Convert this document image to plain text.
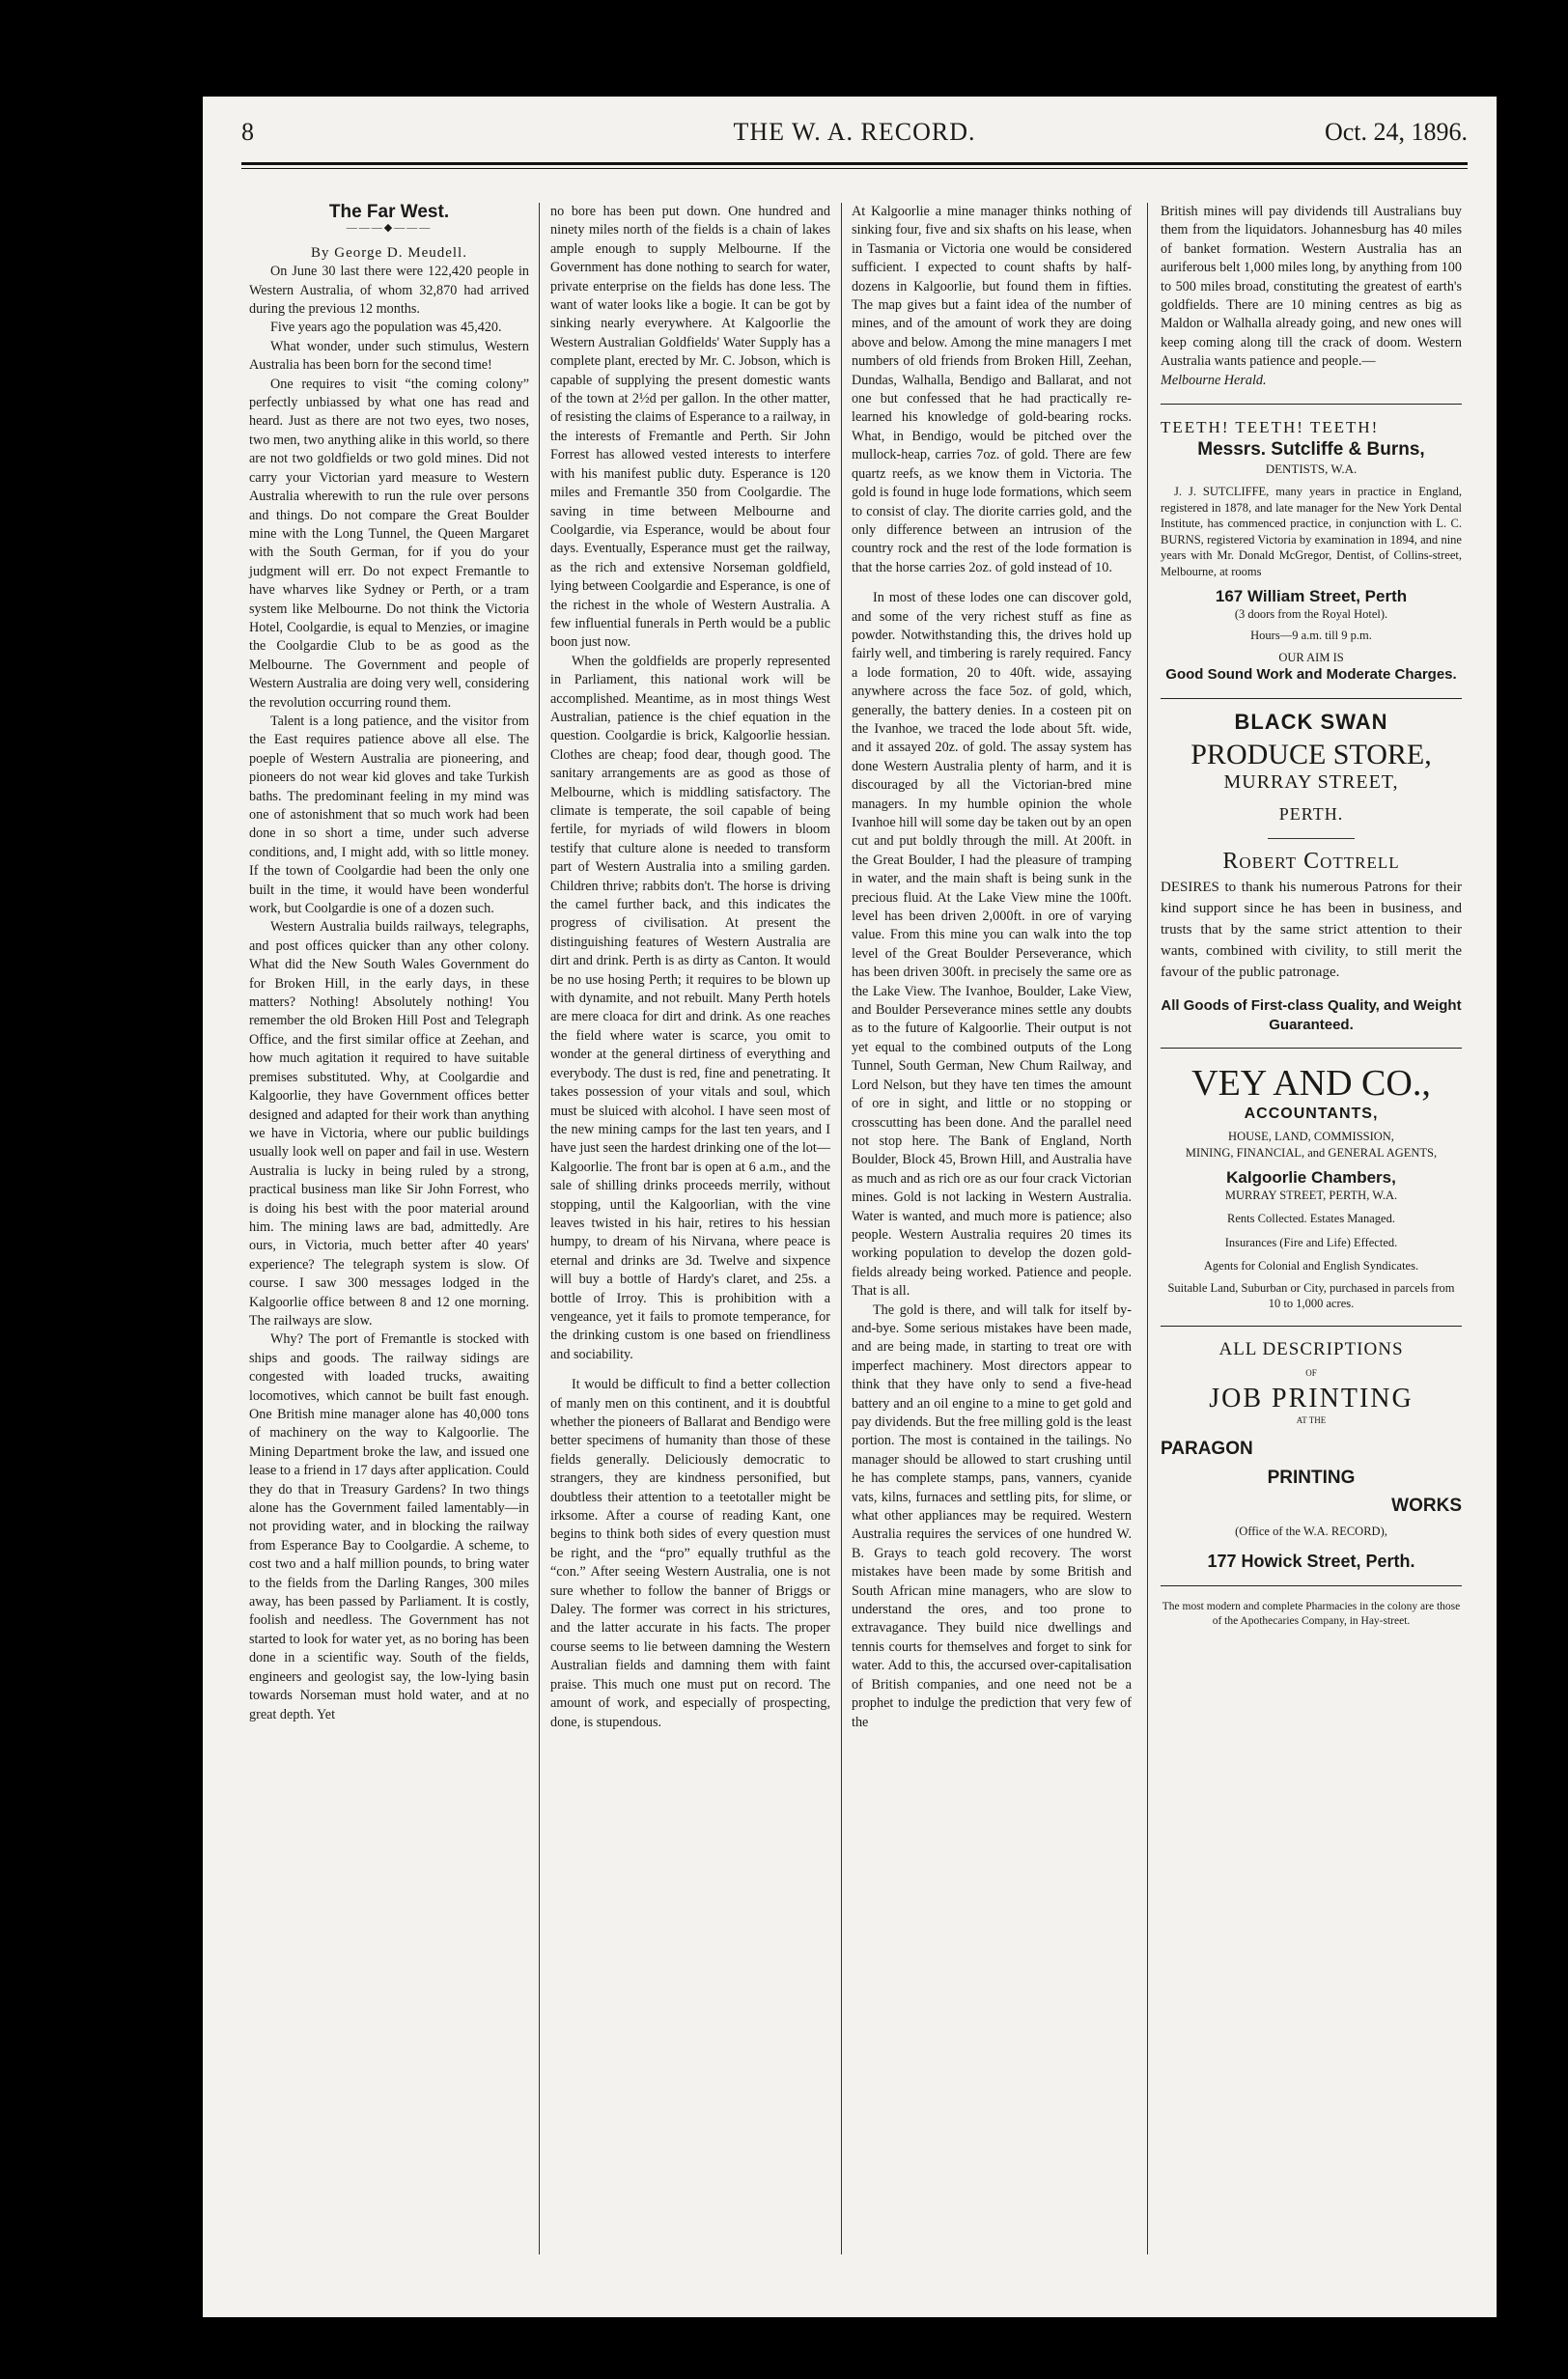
8	THE W. A. RECORD.	Oct. 24, 1896.

The Far West.

———◆———

By George D. Meudell.

On June 30 last there were 122,420 people in Western Australia, of whom 32,870 had arrived during the previous 12 months.

Five years ago the population was 45,420.

What wonder, under such stimulus, Western Australia has been born for the second time!

One requires to visit “the coming colony” perfectly unbiassed by what one has read and heard. Just as there are not two eyes, two noses, two men, two anything alike in this world, so there are not two goldfields or two gold mines. Did not carry your Victorian yard measure to Western Australia wherewith to run the rule over persons and things. Do not compare the Great Boulder mine with the Long Tunnel, the Queen Margaret with the South German, for if you do your judgment will err. Do not expect Fremantle to have wharves like Sydney or Perth, or a tram system like Melbourne. Do not think the Victoria Hotel, Coolgardie, is equal to Menzies, or imagine the Coolgardie Club to be as good as the Melbourne. The Government and people of Western Australia are doing very well, considering the revolution occurring round them.

Talent is a long patience, and the visitor from the East requires patience above all else. The poeple of Western Australia are pioneering, and pioneers do not wear kid gloves and take Turkish baths. The predominant feeling in my mind was one of astonishment that so much work had been done in so short a time, under such adverse conditions, and, I might add, with so little money. If the town of Coolgardie had been the only one built in the time, it would have been wonderful work, but Coolgardie is one of a dozen such.

Western Australia builds railways, telegraphs, and post offices quicker than any other colony. What did the New South Wales Government do for Broken Hill, in the early days, in these matters? Nothing! Absolutely nothing! You remember the old Broken Hill Post and Telegraph Office, and the first similar office at Zeehan, and how much agitation it required to have suitable premises substituted. Why, at Coolgardie and Kalgoorlie, they have Government offices better designed and adapted for their work than anything we have in Victoria, where our public buildings usually look well on paper and fail in use. Western Australia is lucky in being ruled by a strong, practical business man like Sir John Forrest, who is doing his best with the poor material around him. The mining laws are bad, admittedly. Are ours, in Victoria, much better after 40 years' experience? The telegraph system is slow. Of course. I saw 300 messages lodged in the Kalgoorlie office between 8 and 12 one morning. The railways are slow.

Why? The port of Fremantle is stocked with ships and goods. The railway sidings are congested with loaded trucks, awaiting locomotives, which cannot be built fast enough. One British mine manager alone has 40,000 tons of machinery on the way to Kalgoorlie. The Mining Department broke the law, and issued one lease to a friend in 17 days after application. Could they do that in Treasury Gardens? In two things alone has the Government failed lamentably—in not providing water, and in blocking the railway from Esperance Bay to Coolgardie. A scheme, to cost two and a half million pounds, to bring water to the fields from the Darling Ranges, 300 miles away, has been passed by Parliament. It is costly, foolish and needless. The Government has not started to look for water yet, as no boring has been done in a scientific way. South of the fields, engineers and geologist say, the low-lying basin towards Norseman must hold water, and at no great depth. Yet

no bore has been put down. One hundred and ninety miles north of the fields is a chain of lakes ample enough to supply Melbourne. If the Government has done nothing to search for water, private enterprise on the fields has done less. The want of water looks like a bogie. It can be got by sinking nearly everywhere. At Kalgoorlie the Western Australian Goldfields' Water Supply has a complete plant, erected by Mr. C. Jobson, which is capable of supplying the present domestic wants of the town at 2½d per gallon. In the other matter, of resisting the claims of Esperance to a railway, in the interests of Fremantle and Perth. Sir John Forrest has allowed vested interests to interfere with his manifest public duty. Esperance is 120 miles and Fremantle 350 from Coolgardie. The saving in time between Melbourne and Coolgardie, via Esperance, would be about four days. Eventually, Esperance must get the railway, as the rich and extensive Norseman goldfield, lying between Coolgardie and Esperance, is one of the richest in the whole of Western Australia. A few influential funerals in Perth would be a public boon just now.

When the goldfields are properly represented in Parliament, this national work will be accomplished. Meantime, as in most things West Australian, patience is the chief equation in the question. Coolgardie is brick, Kalgoorlie hessian. Clothes are cheap; food dear, though good. The sanitary arrangements are as good as those of Melbourne, which is middling satisfactory. The climate is temperate, the soil capable of being fertile, for myriads of wild flowers in bloom testify that culture alone is needed to transform part of Western Australia into a smiling garden. Children thrive; rabbits don't. The horse is driving the camel further back, and this indicates the progress of civilisation. At present the distinguishing features of Western Australia are dirt and drink. Perth is as dirty as Canton. It would be no use hosing Perth; it requires to be blown up with dynamite, and not rebuilt. Many Perth hotels are mere cloaca for dirt and drink. As one reaches the field where water is scarce, you omit to wonder at the general dirtiness of everything and everybody. The dust is red, fine and penetrating. It takes possession of your vitals and soul, which must be sluiced with alcohol. I have seen most of the new mining camps for the last ten years, and I have just seen the hardest drinking one of the lot—Kalgoorlie. The front bar is open at 6 a.m., and the sale of shilling drinks proceeds merrily, without stopping, until the Kalgoorlian, with the vine leaves twisted in his hair, retires to his hessian humpy, to dream of his Nirvana, where peace is eternal and drinks are 3d. Twelve and sixpence will buy a bottle of Hardy's claret, and 25s. a bottle of Irroy. This is prohibition with a vengeance, yet it fails to promote temperance, for the drinking custom is one based on friendliness and sociability.

It would be difficult to find a better collection of manly men on this continent, and it is doubtful whether the pioneers of Ballarat and Bendigo were better specimens of humanity than those of these fields generally. Deliciously democratic to strangers, they are kindness personified, but doubtless their attention to a teetotaller might be irksome. After a course of reading Kant, one begins to think both sides of every question must be right, and the “pro” equally truthful as the “con.” After seeing Western Australia, one is not sure whether to follow the banner of Briggs or Daley. The former was correct in his strictures, and the latter accurate in his facts. The proper course seems to lie between damning the Western Australian fields and damning them with faint praise. This much one must put on record. The amount of work, and especially of prospecting, done, is stupendous.

At Kalgoorlie a mine manager thinks nothing of sinking four, five and six shafts on his lease, when in Tasmania or Victoria one would be considered sufficient. I expected to count shafts by half-dozens in Kalgoorlie, but found them in fifties. The map gives but a faint idea of the number of mines, and of the amount of work they are doing above and below. Among the mine managers I met numbers of old friends from Broken Hill, Zeehan, Dundas, Walhalla, Bendigo and Ballarat, and not one but confessed that he had practically re-learned his knowledge of gold-bearing rocks. What, in Bendigo, would be pitched over the mullock-heap, carries 7oz. of gold. There are few quartz reefs, as we know them in Victoria. The gold is found in huge lode formations, which seem to consist of clay. The diorite carries gold, and the only difference between an intrusion of the country rock and the rest of the lode formation is that the horse carries 2oz. of gold instead of 10.

In most of these lodes one can discover gold, and some of the very richest stuff as fine as powder. Notwithstanding this, the drives hold up fairly well, and timbering is rarely required. Fancy a lode formation, 20 to 40ft. wide, assaying anywhere across the face 5oz. of gold, which, generally, the battery denies. In a costeen pit on the Ivanhoe, we traced the lode about 5ft. wide, and it assayed 20z. of gold. The assay system has done Western Australia plenty of harm, and it is discouraged by all the Victorian-bred mine managers. In my humble opinion the whole Ivanhoe hill will some day be taken out by an open cut and put boldly through the mill. At 200ft. in the Great Boulder, I had the pleasure of tramping in water, and the main shaft is being sunk in the precious fluid. At the Lake View mine the 100ft. level has been driven 2,000ft. in ore of varying value. From this mine you can walk into the top level of the Great Boulder Perseverance, which has been driven 300ft. in precisely the same ore as the Lake View. The Ivanhoe, Boulder, Lake View, and Boulder Perseverance mines settle any doubts as to the future of Kalgoorlie. Their output is not yet equal to the combined outputs of the Long Tunnel, South German, New Chum Railway, and Lord Nelson, but they have ten times the amount of ore in sight, and little or no stopping or crosscutting has been done. And the parallel need not stop here. The Bank of England, North Boulder, Block 45, Brown Hill, and Australia have as much and as rich ore as our four crack Victorian mines. Gold is not lacking in Western Australia. Water is wanted, and much more is patience; also people. Western Australia requires 20 times its working population to develop the dozen gold-fields already being worked. Patience and people. That is all.

The gold is there, and will talk for itself by-and-bye. Some serious mistakes have been made, and are being made, in starting to treat ore with imperfect machinery. Most directors appear to think that they have only to send a five-head battery and an oil engine to a mine to get gold and pay dividends. But the free milling gold is the least portion. The most is contained in the tailings. No manager should be allowed to start crushing until he has complete stamps, pans, vanners, cyanide vats, kilns, furnaces and settling pits, for slime, or what other appliances may be required. Western Australia requires the services of one hundred W. B. Grays to teach gold recovery. The worst mistakes have been made by some British and South African mine managers, who are slow to understand the ores, and too prone to extravagance. They build nice dwellings and tennis courts for themselves and forget to sink for water. Add to this, the accursed over-capitalisation of British companies, and one need not be a prophet to indulge the prediction that very few of the

British mines will pay dividends till Australians buy them from the liquidators. Johannesburg has 40 miles of banket formation. Western Australia has an auriferous belt 1,000 miles long, by anything from 100 to 500 miles broad, constituting the greatest of earth's goldfields. There are 10 mining centres as big as Maldon or Walhalla already going, and new ones will keep coming along till the crack of doom. Western Australia wants patience and people.—

Melbourne Herald.

TEETH! TEETH! TEETH!

Messrs. Sutcliffe & Burns,

DENTISTS, W.A.

J. J. SUTCLIFFE, many years in practice in England, registered in 1878, and late manager for the New York Dental Institute, has commenced practice, in conjunction with L. C. BURNS, registered Victoria by examination in 1894, and nine years with Mr. Donald McGregor, Dentist, of Collins-street, Melbourne, at rooms

167 William Street, Perth

(3 doors from the Royal Hotel).

Hours—9 a.m. till 9 p.m.

OUR AIM IS

Good Sound Work and Moderate Charges.

BLACK SWAN

PRODUCE STORE,

MURRAY STREET,

PERTH.

Robert Cottrell

DESIRES to thank his numerous Patrons for their kind support since he has been in business, and trusts that by the same strict attention to their wants, combined with civility, to still merit the favour of the public patronage.

All Goods of First-class Quality, and Weight Guaranteed.

VEY AND CO.,

ACCOUNTANTS,

HOUSE, LAND, COMMISSION,

MINING, FINANCIAL, and GENERAL AGENTS,

Kalgoorlie Chambers,

MURRAY STREET, PERTH, W.A.

Rents Collected. Estates Managed.

Insurances (Fire and Life) Effected.

Agents for Colonial and English Syndicates.

Suitable Land, Suburban or City, purchased in parcels from 10 to 1,000 acres.

ALL DESCRIPTIONS

OF

JOB PRINTING

AT THE

PARAGON

PRINTING

WORKS

(Office of the W.A. RECORD),

177 Howick Street, Perth.

The most modern and complete Pharmacies in the colony are those of the Apothecaries Company, in Hay-street.
